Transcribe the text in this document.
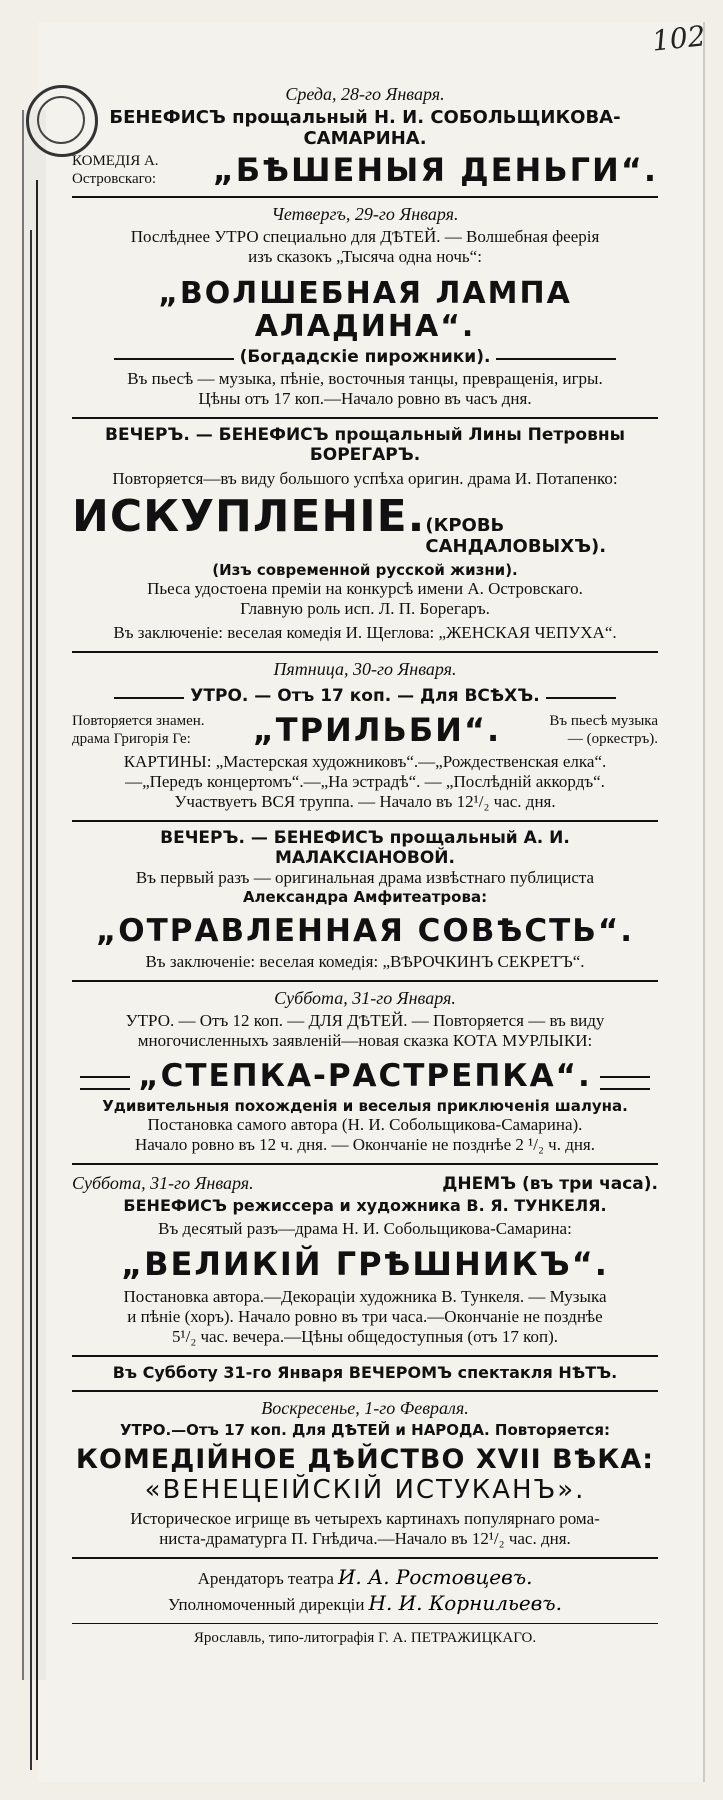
102
Среда, 28-го Января.
БЕНЕФИСЪ прощальный Н. И. СОБОЛЬЩИКОВА-САМАРИНА.
КОМЕДІЯ А.
Островскаго: „БѢШЕНЫЯ ДЕНЬГИ“.
Четвергъ, 29-го Января.
Послѣднее УТРО специально для ДѢТЕЙ. — Волшебная феерія
изъ сказокъ „Тысяча одна ночь“:
„ВОЛШЕБНАЯ ЛАМПА АЛАДИНА“.
(Богдадскіе пирожники).
Въ пьесѣ — музыка, пѣніе, восточныя танцы, превращенія, игры.
Цѣны отъ 17 коп.—Начало ровно въ часъ дня.
ВЕЧЕРЪ. — БЕНЕФИСЪ прощальный Лины Петровны БОРЕГАРЪ.
Повторяется—въ виду большого успѣха оригин. драма И. Потапенко:
ИСКУПЛЕНІЕ. (КРОВЬ САНДАЛОВЫХЪ).
(Изъ современной русской жизни).
Пьеса удостоена преміи на конкурсѣ имени А. Островскаго.
Главную роль исп. Л. П. Борегаръ.
Въ заключеніе: веселая комедія И. Щеглова: „ЖЕНСКАЯ ЧЕПУХА“.
Пятница, 30-го Января.
УТРО. — Отъ 17 коп. — Для ВСѢХЪ.
Повторяется знамен.
драма Григорія Ге:	„ТРИЛЬБИ“.	Въ пьесѣ музыка
— (оркестръ).
КАРТИНЫ: „Мастерская художниковъ“.—„Рождественская елка“.
—„Передъ концертомъ“.—„На эстрадѣ“. — „Послѣдній аккордъ“.
Участвуетъ ВСЯ труппа. — Начало въ 12¹/₂ час. дня.
ВЕЧЕРЪ. — БЕНЕФИСЪ прощальный А. И. МАЛАКСІАНОВОЙ.
Въ первый разъ — оригинальная драма извѣстнаго публициста
Александра Амфитеатрова:
„ОТРАВЛЕННАЯ СОВѢСТЬ“.
Въ заключеніе: веселая комедія: „ВѢРОЧКИНЪ СЕКРЕТЪ“.
Суббота, 31-го Января.
УТРО. — Отъ 12 коп. — ДЛЯ ДѢТЕЙ. — Повторяется — въ виду
многочисленныхъ заявленій—новая сказка КОТА МУРЛЫКИ:
„СТЕПКА-РАСТРЕПКА“.
Удивительныя похожденія и веселыя приключенія шалуна.
Постановка самого автора (Н. И. Собольщикова-Самарина).
Начало ровно въ 12 ч. дня. — Окончаніе не позднѣе 2 ¹/₂ ч. дня.
Суббота, 31-го Января.	ДНЕМЪ (въ три часа).
БЕНЕФИСЪ режиссера и художника В. Я. ТУНКЕЛЯ.
Въ десятый разъ—драма Н. И. Собольщикова-Самарина:
„ВЕЛИКІЙ ГРѢШНИКЪ“.
Постановка автора.—Декораціи художника В. Тункеля. — Музыка
и пѣніе (хоръ). Начало ровно въ три часа.—Окончаніе не позднѣе
5¹/₂ час. вечера.—Цѣны общедоступныя (отъ 17 коп).
Въ Субботу 31-го Января ВЕЧЕРОМЪ спектакля НѢТЪ.
Воскресенье, 1-го Февраля.
УТРО.—Отъ 17 коп. Для ДѢТЕЙ и НАРОДА. Повторяется:
КОМЕДІЙНОЕ ДѢЙСТВО XVII ВѢКА:
«ВЕНЕЦЕІЙСКІЙ ИСТУКАНЪ».
Историческое игрище въ четырехъ картинахъ популярнаго рома-
ниста-драматурга П. Гнѣдича.—Начало въ 12¹/₂ час. дня.
Арендаторъ театра И. А. Ростовцевъ.
Уполномоченный дирекціи Н. И. Корнильевъ.
Ярославль, типо-литографія Г. А. ПЕТРАЖИЦКАГО.
